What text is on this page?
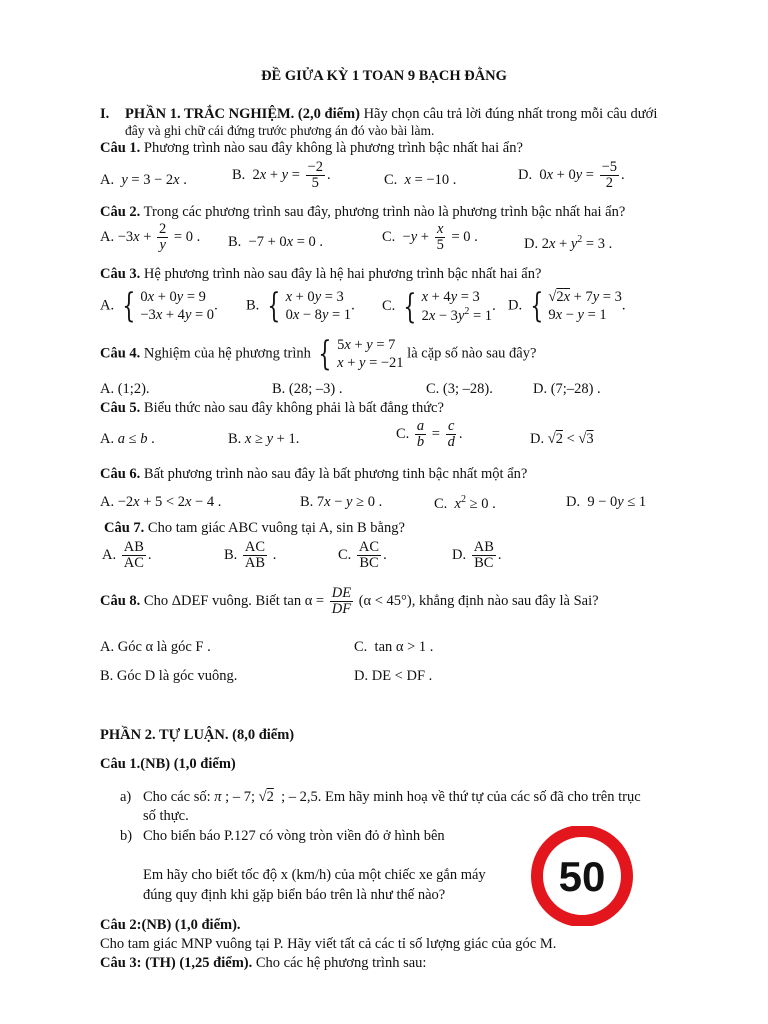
ĐỀ GIỬA KỲ 1 TOAN 9 BẠCH ĐẰNG
I. PHẦN 1. TRẮC NGHIỆM. (2,0 điểm) Hãy chọn câu trả lời đúng nhất trong mỗi câu dưới
đây và ghi chữ cái đứng trước phương án đó vào bài làm.
Câu 1. Phương trình nào sau đây không là phương trình bậc nhất hai ẩn?
A.  y = 3 − 2x .	B.  $2x + y = \frac{-2}{5}$ .	C.  x = −10 .	D.  $0x + 0y = \frac{-5}{2}$ .
Câu 2. Trong các phương trình sau đây, phương trình nào là phương trình bậc nhất hai ẩn?
A. $-3x + \frac{2}{y} = 0$ . B.  −7 + 0x = 0 .	C.  $-y + \frac{x}{5} = 0$ .	D. $2x + y^2 = 3$ .
Câu 3. Hệ phương trình nào sau đây là hệ hai phương trình bậc nhất hai ẩn?
A. { 0x + 0y = 9
−3x + 4y = 0
. B. { x + 0y = 3
0x − 8y = 1
. C. { x + 4y = 3
$2x - 3y^2 = 1$
. D. { √2x + 7y = 3
9x − y = 1
.
Câu 4. Nghiệm của hệ phương trình { 5x + y = 7
x + y = −21
là cặp số nào sau đây?
A. (1;2).	B. (28; –3) .	C. (3; –28).	D. (7;–28) .
Câu 5. Biểu thức nào sau đây không phải là bất đẳng thức?
A. a ≤ b .	B. x ≥ y + 1.	C. $\frac{a}{b} = \frac{c}{d}$ .	D. √2 < √3
Câu 6. Bất phương trình nào sau đây là bất phương tinh bậc nhất một ẩn?
A. −2x + 5 < 2x − 4 .	B. 7x − y ≥ 0 .	C.  $x^2 \ge 0$ .	D.  9 − 0y ≤ 1
Câu 7. Cho tam giác ABC vuông tại A, sin B bằng?
A. $\frac{AB}{AC}$ .	B. $\frac{AC}{AB}$ .	C. $\frac{AC}{BC}$ .	D. $\frac{AB}{BC}$ .
Câu 8. Cho ΔDEF vuông. Biết $\tan \alpha = \frac{DE}{DF} (\alpha < 45^\circ)$, khẳng định nào sau đây là Sai?
A. Góc α là góc F .	C.  tan α > 1 .
B. Góc D là góc vuông.	D. DE < DF .
PHẦN 2. TỰ LUẬN. (8,0 điểm)
Câu 1.(NB) (1,0 điểm)
a) Cho các số: π ; – 7; √2 ; – 2,5. Em hãy minh hoạ về thứ tự của các số đã cho trên trục
số thực.
b) Cho biển báo P.127 có vòng tròn viền đỏ ở hình bên
Em hãy cho biết tốc độ x (km/h) của một chiếc xe gắn máy
đúng quy định khi gặp biển báo trên là như thế nào?	50
Câu 2:(NB) (1,0 điểm).
Cho tam giác MNP vuông tại P. Hãy viết tất cả các tỉ số lượng giác của góc M.
Câu 3: (TH) (1,25 điểm). Cho các hệ phương trình sau:
